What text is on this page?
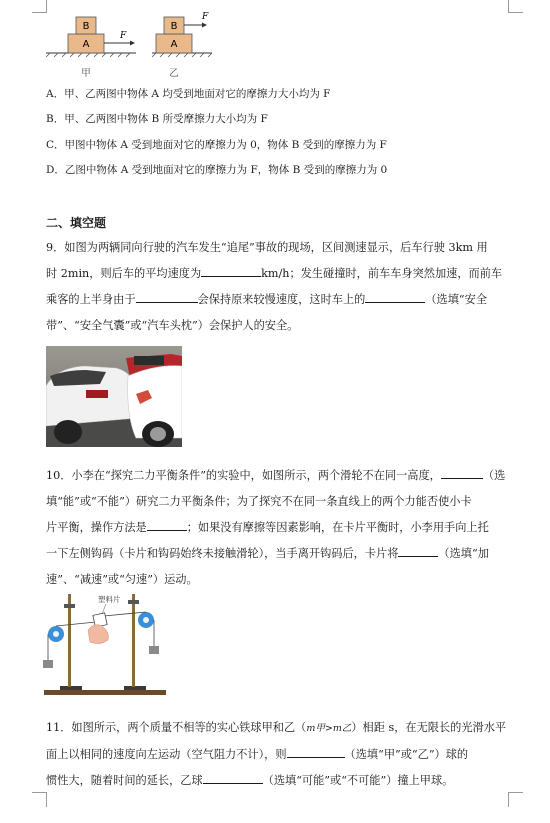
B
A
F
甲
B
A
F
乙
A．甲、乙两图中物体 A 均受到地面对它的摩擦力大小均为 F
B．甲、乙两图中物体 B 所受摩擦力大小均为 F
C．甲图中物体 A 受到地面对它的摩擦力为 0，物体 B 受到的摩擦力为 F
D．乙图中物体 A 受到地面对它的摩擦力为 F，物体 B 受到的摩擦力为 0
二、填空题

9．如图为两辆同向行驶的汽车发生“追尾”事故的现场，区间测速显示，后车行驶 3km 用

时 2min，则后车的平均速度为	km/h；发生碰撞时，前车车身突然加速，而前车

乘客的上半身由于	会保持原来较慢速度，这时车上的	（选填“安全

带”、“安全气囊”或“汽车头枕”）会保护人的安全。

10．小李在“探究二力平衡条件”的实验中，如图所示，两个滑轮不在同一高度，	（选

填“能”或“不能”）研究二力平衡条件；为了探究不在同一条直线上的两个力能否使小卡

片平衡，操作方法是	；如果没有摩擦等因素影响，在卡片平衡时，小李用手向上托

一下左侧钩码（卡片和钩码始终未接触滑轮），当手离开钩码后，卡片将	（选填“加

速”、“减速”或“匀速”）运动。

塑料片

11．如图所示，两个质量不相等的实心铁球甲和乙（m甲>m乙）相距 s，在无限长的光滑水平

面上以相同的速度向左运动（空气阻力不计），则	（选填“甲”或“乙”）球的

惯性大，随着时间的延长，乙球	（选填“可能”或“不可能”）撞上甲球。
